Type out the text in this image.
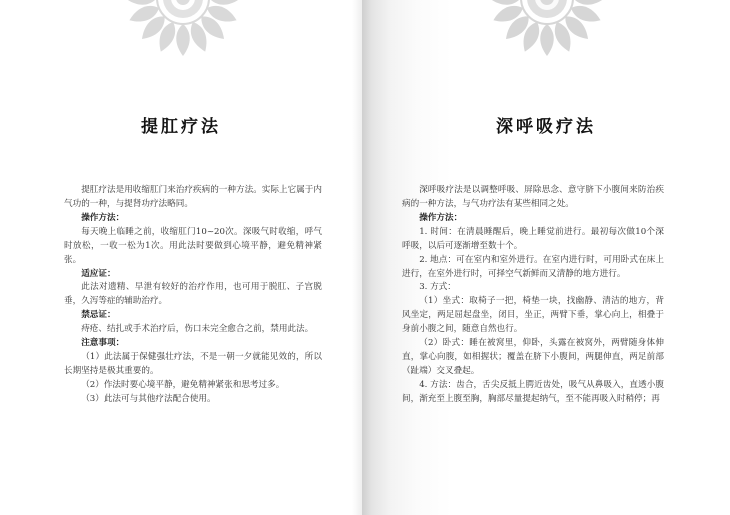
提肛疗法

提肛疗法是用收缩肛门来治疗疾病的一种方法。实际上它属于内气功的一种，与提肾功疗法略同。

操作方法：

每天晚上临睡之前，收缩肛门10~20次。深吸气时收缩，呼气时放松，一收一松为1次。用此法时要做到心境平静，避免精神紧张。

适应证：

此法对遗精、早泄有较好的治疗作用，也可用于脱肛、子宫脱垂，久泻等症的辅助治疗。

禁忌证：

痔疮、结扎或手术治疗后，伤口未完全愈合之前，禁用此法。

注意事项：

（1）此法属于保健强壮疗法，不是一朝一夕就能见效的，所以长期坚持是极其重要的。

（2）作法时要心境平静，避免精神紧张和思考过多。

（3）此法可与其他疗法配合使用。

深呼吸疗法

深呼吸疗法是以调整呼吸、屏除思念、意守脐下小腹间来防治疾病的一种方法，与气功疗法有某些相同之处。

操作方法：

1. 时间：在清晨睡醒后，晚上睡觉前进行。最初每次做10个深呼吸，以后可逐渐增至数十个。

2. 地点：可在室内和室外进行。在室内进行时，可用卧式在床上进行，在室外进行时，可择空气新鲜而又清静的地方进行。

3. 方式：

（1）坐式：取椅子一把，椅垫一块，找幽静、清洁的地方，背风坐定，两足屈起盘坐，闭目，坐正，两臂下垂，掌心向上，相叠于身前小腹之间，随意自然也行。

（2）卧式：睡在被窝里，仰卧，头露在被窝外，两臂随身体伸直，掌心向腹，如相握状；覆盖在脐下小腹间，两腿伸直，两足前部（趾端）交叉叠起。

4. 方法：齿合，舌尖反抵上腭近齿处，吸气从鼻吸入，直透小腹间，渐充至上腹至胸，胸部尽量提起纳气，至不能再吸入时稍停；再
